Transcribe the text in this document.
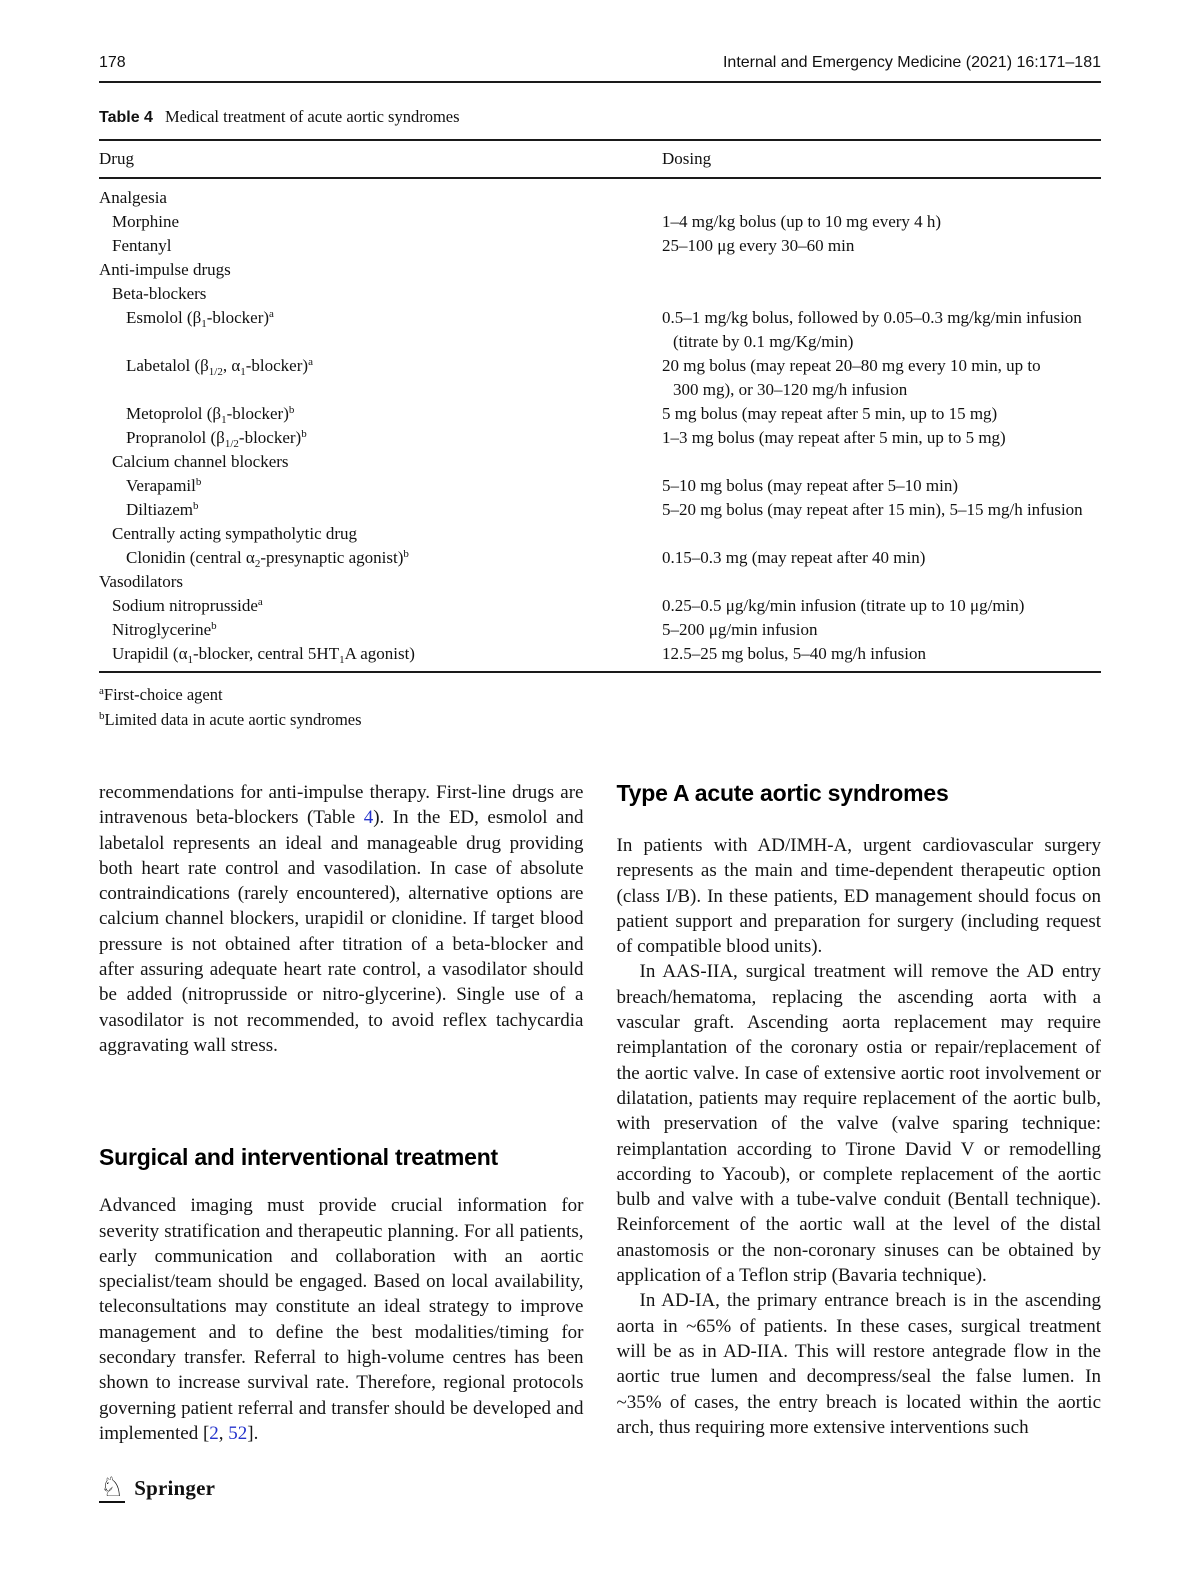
178	Internal and Emergency Medicine (2021) 16:171–181
Table 4 Medical treatment of acute aortic syndromes
Drug	Dosing
Analgesia
Morphine	1–4 mg/kg bolus (up to 10 mg every 4 h)
Fentanyl	25–100 μg every 30–60 min
Anti-impulse drugs
Beta-blockers
Esmolol $(\beta_1-blocker)^a$	0.5–1 mg/kg bolus, followed by 0.05–0.3 mg/kg/min infusion
(titrate by 0.1 mg/Kg/min)
Labetalol ($\beta_{1/2}$, $\alpha_1-blocker)^a$	20 mg bolus (may repeat 20–80 mg every 10 min, up to
300 mg), or 30–120 mg/h infusion
Metoprolol $(\beta_1-blocker)^b$	5 mg bolus (may repeat after 5 min, up to 15 mg)
Propranolol $(\beta_{1/2}-blocker)^b$	1–3 mg bolus (may repeat after 5 min, up to 5 mg)
Calcium channel blockers
Verapamil$^b$	5–10 mg bolus (may repeat after 5–10 min)
Diltiazem$^b$	5–20 mg bolus (may repeat after 15 min), 5–15 mg/h infusion
Centrally acting sympatholytic drug
Clonidin (central $\alpha_2$-presynaptic agonist)$^b$	0.15–0.3 mg (may repeat after 40 min)
Vasodilators
Sodium nitroprusside$^a$	0.25–0.5 μg/kg/min infusion (titrate up to 10 μg/min)
Nitroglycerine$^b$	5–200 μg/min infusion
Urapidil ($\alpha_1$-blocker, central $5HT_1A$ agonist)	12.5–25 mg bolus, 5–40 mg/h infusion
$^a$First-choice agent
$^b$Limited data in acute aortic syndromes

recommendations for anti-impulse therapy. First-line drugs are intravenous beta-blockers (Table 4). In the ED, esmolol and labetalol represents an ideal and manageable drug providing both heart rate control and vasodilation. In case of absolute contraindications (rarely encountered), alternative options are calcium channel blockers, urapidil or clonidine. If target blood pressure is not obtained after titration of a beta-blocker and after assuring adequate heart rate control, a vasodilator should be added (nitroprusside or nitro-glycerine). Single use of a vasodilator is not recommended, to avoid reflex tachycardia aggravating wall stress.

Surgical and interventional treatment

Advanced imaging must provide crucial information for severity stratification and therapeutic planning. For all patients, early communication and collaboration with an aortic specialist/team should be engaged. Based on local availability, teleconsultations may constitute an ideal strategy to improve management and to define the best modalities/timing for secondary transfer. Referral to high-volume centres has been shown to increase survival rate. Therefore, regional protocols governing patient referral and transfer should be developed and implemented [2, 52].

Type A acute aortic syndromes

In patients with AD/IMH-A, urgent cardiovascular surgery represents as the main and time-dependent therapeutic option (class I/B). In these patients, ED management should focus on patient support and preparation for surgery (including request of compatible blood units).

In AAS-IIA, surgical treatment will remove the AD entry breach/hematoma, replacing the ascending aorta with a vascular graft. Ascending aorta replacement may require reimplantation of the coronary ostia or repair/replacement of the aortic valve. In case of extensive aortic root involvement or dilatation, patients may require replacement of the aortic bulb, with preservation of the valve (valve sparing technique: reimplantation according to Tirone David V or remodelling according to Yacoub), or complete replacement of the aortic bulb and valve with a tube-valve conduit (Bentall technique). Reinforcement of the aortic wall at the level of the distal anastomosis or the non-coronary sinuses can be obtained by application of a Teflon strip (Bavaria technique).

In AD-IA, the primary entrance breach is in the ascending aorta in ~65% of patients. In these cases, surgical treatment will be as in AD-IIA. This will restore antegrade flow in the aortic true lumen and decompress/seal the false lumen. In ~35% of cases, the entry breach is located within the aortic arch, thus requiring more extensive interventions such

♘ Springer
